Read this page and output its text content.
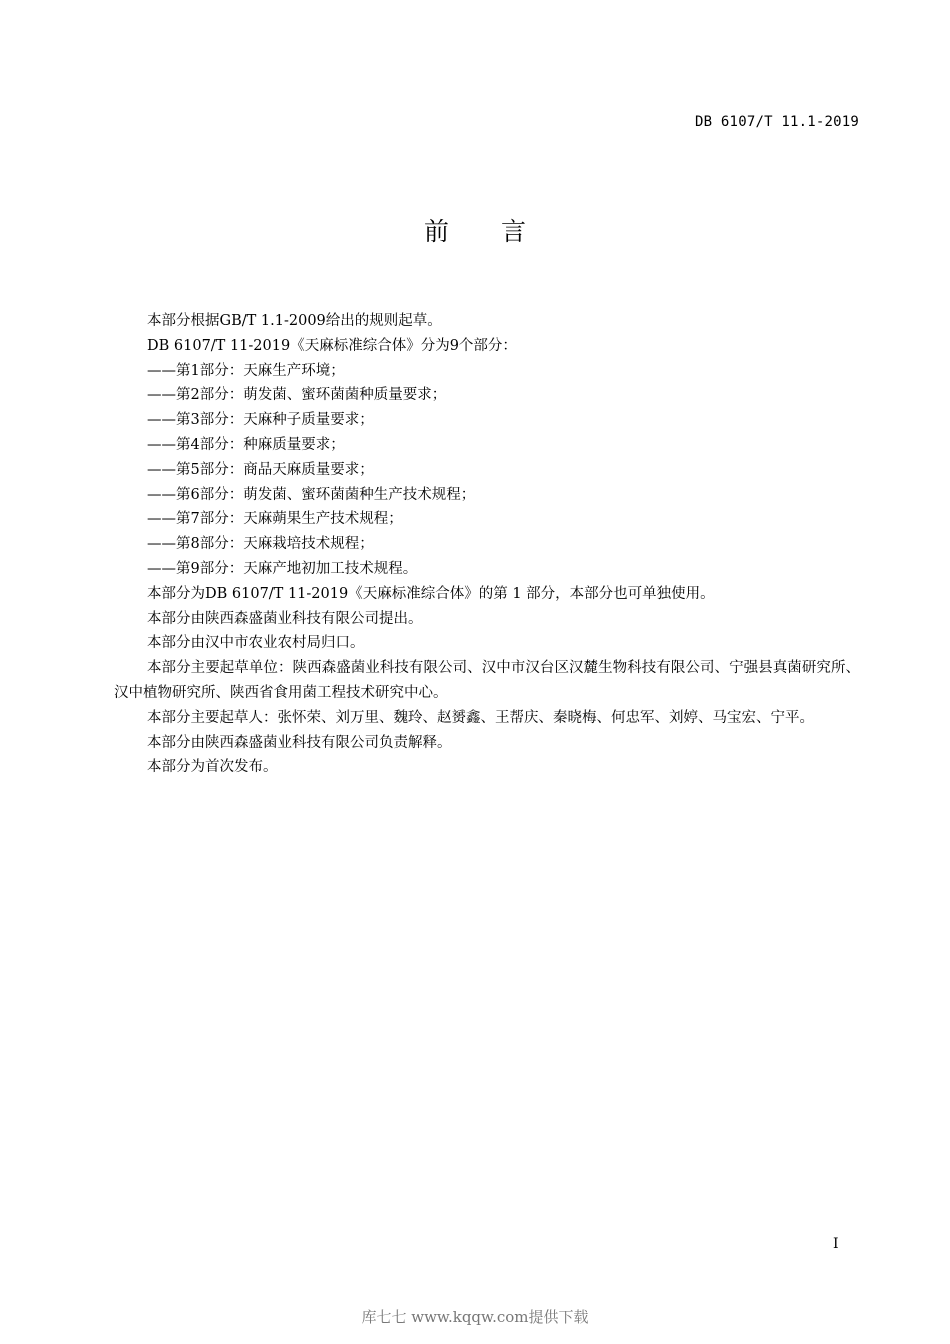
DB 6107/T 11.1-2019
前言

本部分根据GB/T 1.1-2009给出的规则起草。

DB 6107/T 11-2019《天麻标准综合体》分为9个部分：

——第1部分：天麻生产环境；

——第2部分：萌发菌、蜜环菌菌种质量要求；

——第3部分：天麻种子质量要求；

——第4部分：种麻质量要求；

——第5部分：商品天麻质量要求；

——第6部分：萌发菌、蜜环菌菌种生产技术规程；

——第7部分：天麻蒴果生产技术规程；

——第8部分：天麻栽培技术规程；

——第9部分：天麻产地初加工技术规程。

本部分为DB 6107/T 11-2019《天麻标准综合体》的第 1 部分，本部分也可单独使用。

本部分由陕西森盛菌业科技有限公司提出。

本部分由汉中市农业农村局归口。

本部分主要起草单位：陕西森盛菌业科技有限公司、汉中市汉台区汉麓生物科技有限公司、宁强县真菌研究所、汉中植物研究所、陕西省食用菌工程技术研究中心。

本部分主要起草人：张怀荣、刘万里、魏玲、赵赟鑫、王帮庆、秦晓梅、何忠军、刘婷、马宝宏、宁平。

本部分由陕西森盛菌业科技有限公司负责解释。

本部分为首次发布。

I
库七七 www.kqqw.com提供下载
